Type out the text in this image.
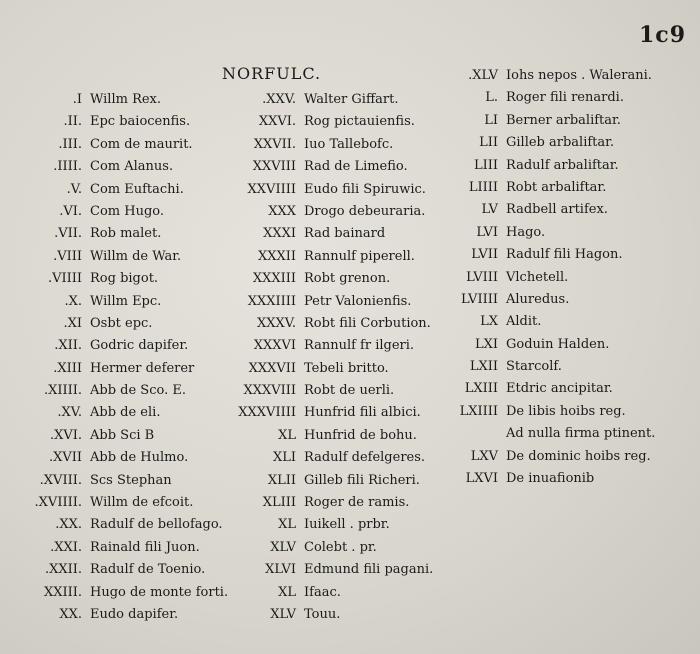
1c9
NORFULC.
.I Willm Rex.
.II. Epc baiocenfis.
.III. Com de maurit.
.IIII. Com Alanus.
.V. Com Euftachi.
.VI. Com Hugo.
.VII. Rob malet.
.VIII Willm de War.
.VIIII Rog bigot.
.X. Willm Epc.
.XI Osbt epc.
.XII. Godric dapifer.
.XIII Hermer deferer
.XIIII. Abb de Sco. E.
.XV. Abb de eli.
.XVI. Abb Sci B
.XVII Abb de Hulmo.
.XVIII. Scs Stephan
.XVIIII. Willm de efcoit.
.XX. Radulf de bellofago.
.XXI. Rainald fili Juon.
.XXII. Radulf de Toenio.
XXIII. Hugo de monte forti.
XX. Eudo dapifer.
.XXV. Walter Giffart.
XXVI. Rog pictauienfis.
XXVII. Iuo Tallebofc.
XXVIII Rad de Limefio.
XXVIIII Eudo fili Spiruwic.
XXX Drogo debeuraria.
XXXI Rad bainard
XXXII Rannulf piperell.
XXXIII Robt grenon.
XXXIIII Petr Valonienfis.
XXXV. Robt fili Corbution.
XXXVI Rannulf fr ilgeri.
XXXVII Tebeli britto.
XXXVIII Robt de uerli.
XXXVIIII Hunfrid fili albici.
XL Hunfrid de bohu.
XLI Radulf defelgeres.
XLII Gilleb fili Richeri.
XLIII Roger de ramis.
XL Iuikell . prbr.
XLV Colebt . pr.
XLVI Edmund fili pagani.
XL Ifaac.
XLV Touu.
.XLV Iohs nepos . Walerani.
L. Roger fili renardi.
LI Berner arbaliftar.
LII Gilleb arbaliftar.
LIII Radulf arbaliftar.
LIIII Robt arbaliftar.
LV Radbell artifex.
LVI Hago.
LVII Radulf fili Hagon.
LVIII Vlchetell.
LVIIII Aluredus.
LX Aldit.
LXI Goduin Halden.
LXII Starcolf.
LXIII Etdric ancipitar.
LXIIII De libis hoibs reg.
Ad nulla firma ptinent.
LXV De dominic hoibs reg.
LXVI De inuafionib
